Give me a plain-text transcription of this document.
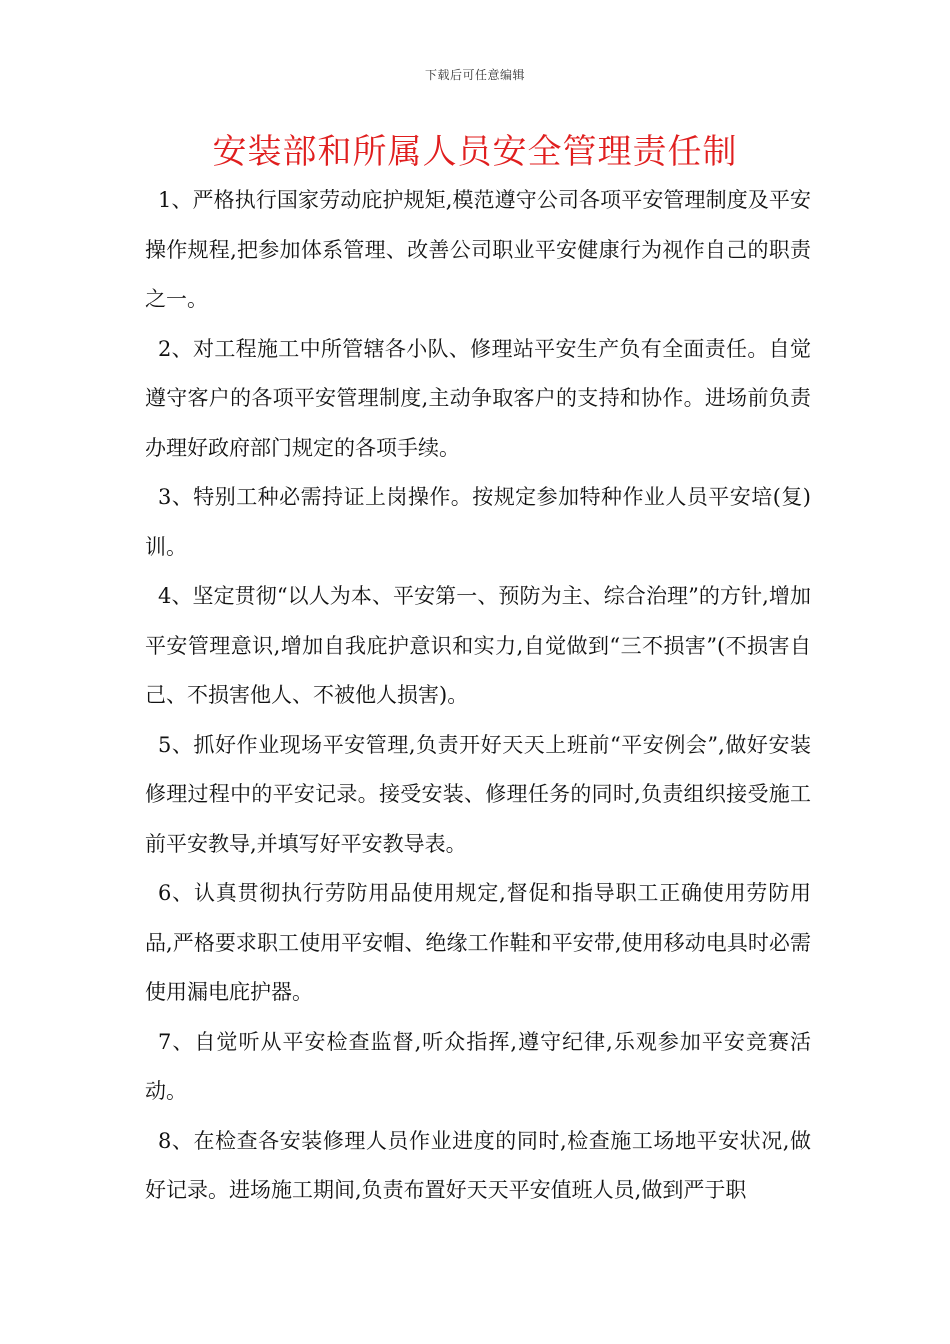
下载后可任意编辑
安装部和所属人员安全管理责任制

1、严格执行国家劳动庇护规矩,模范遵守公司各项平安管理制度及平安操作规程,把参加体系管理、改善公司职业平安健康行为视作自己的职责之一。

2、对工程施工中所管辖各小队、修理站平安生产负有全面责任。自觉遵守客户的各项平安管理制度,主动争取客户的支持和协作。进场前负责办理好政府部门规定的各项手续。

3、特别工种必需持证上岗操作。按规定参加特种作业人员平安培(复)训。

4、坚定贯彻“以人为本、平安第一、预防为主、综合治理”的方针,增加平安管理意识,增加自我庇护意识和实力,自觉做到“三不损害”(不损害自己、不损害他人、不被他人损害)。

5、抓好作业现场平安管理,负责开好天天上班前“平安例会”,做好安装修理过程中的平安记录。接受安装、修理任务的同时,负责组织接受施工前平安教导,并填写好平安教导表。

6、认真贯彻执行劳防用品使用规定,督促和指导职工正确使用劳防用品,严格要求职工使用平安帽、绝缘工作鞋和平安带,使用移动电具时必需使用漏电庇护器。

7、自觉听从平安检查监督,听众指挥,遵守纪律,乐观参加平安竞赛活动。

8、在检查各安装修理人员作业进度的同时,检查施工场地平安状况,做好记录。进场施工期间,负责布置好天天平安值班人员,做到严于职
